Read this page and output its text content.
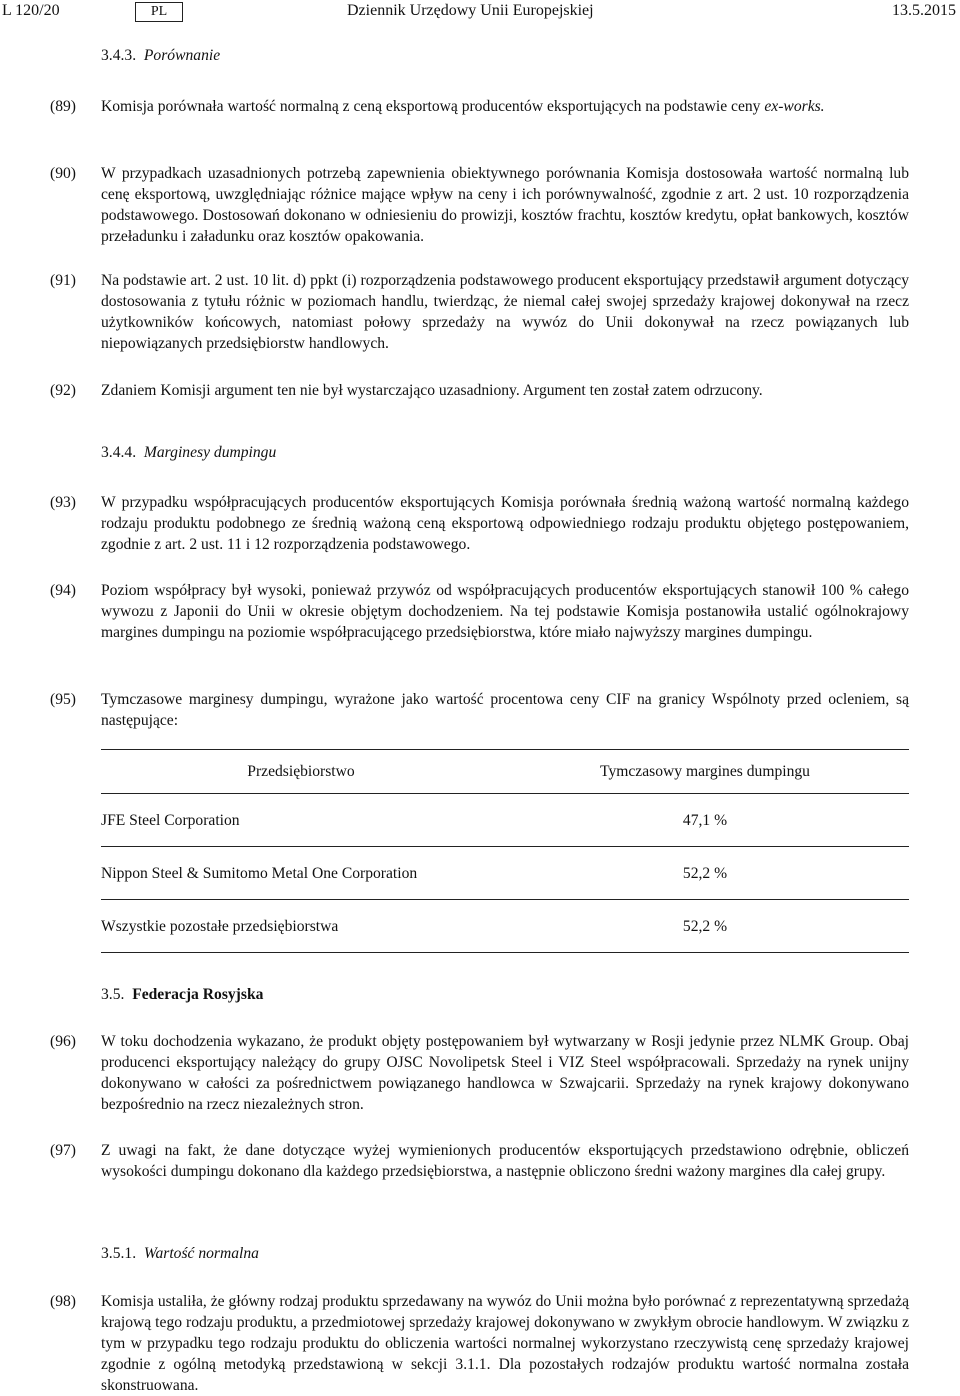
L 120/20	PL	Dziennik Urzędowy Unii Europejskiej	13.5.2015
3.4.3. Porównanie
(89) Komisja porównała wartość normalną z ceną eksportową producentów eksportujących na podstawie ceny ex-works.
(90) W przypadkach uzasadnionych potrzebą zapewnienia obiektywnego porównania Komisja dostosowała wartość normalną lub cenę eksportową, uwzględniając różnice mające wpływ na ceny i ich porównywalność, zgodnie z art. 2 ust. 10 rozporządzenia podstawowego. Dostosowań dokonano w odniesieniu do prowizji, kosztów frachtu, kosztów kredytu, opłat bankowych, kosztów przeładunku i załadunku oraz kosztów opakowania.
(91) Na podstawie art. 2 ust. 10 lit. d) ppkt (i) rozporządzenia podstawowego producent eksportujący przedstawił argument dotyczący dostosowania z tytułu różnic w poziomach handlu, twierdząc, że niemal całej swojej sprzedaży krajowej dokonywał na rzecz użytkowników końcowych, natomiast połowy sprzedaży na wywóz do Unii dokonywał na rzecz powiązanych lub niepowiązanych przedsiębiorstw handlowych.
(92) Zdaniem Komisji argument ten nie był wystarczająco uzasadniony. Argument ten został zatem odrzucony.
3.4.4. Marginesy dumpingu
(93) W przypadku współpracujących producentów eksportujących Komisja porównała średnią ważoną wartość normalną każdego rodzaju produktu podobnego ze średnią ważoną ceną eksportową odpowiedniego rodzaju produktu objętego postępowaniem, zgodnie z art. 2 ust. 11 i 12 rozporządzenia podstawowego.
(94) Poziom współpracy był wysoki, ponieważ przywóz od współpracujących producentów eksportujących stanowił 100 % całego wywozu z Japonii do Unii w okresie objętym dochodzeniem. Na tej podstawie Komisja postanowiła ustalić ogólnokrajowy margines dumpingu na poziomie współpracującego przedsiębiorstwa, które miało najwyższy margines dumpingu.
(95) Tymczasowe marginesy dumpingu, wyrażone jako wartość procentowa ceny CIF na granicy Wspólnoty przed ocleniem, są następujące:
Przedsiębiorstwo	Tymczasowy margines dumpingu
JFE Steel Corporation	47,1 %
Nippon Steel & Sumitomo Metal One Corporation	52,2 %
Wszystkie pozostałe przedsiębiorstwa	52,2 %
3.5. Federacja Rosyjska
(96) W toku dochodzenia wykazano, że produkt objęty postępowaniem był wytwarzany w Rosji jedynie przez NLMK Group. Obaj producenci eksportujący należący do grupy OJSC Novolipetsk Steel i VIZ Steel współpracowali. Sprzedaży na rynek unijny dokonywano w całości za pośrednictwem powiązanego handlowca w Szwajcarii. Sprzedaży na rynek krajowy dokonywano bezpośrednio na rzecz niezależnych stron.
(97) Z uwagi na fakt, że dane dotyczące wyżej wymienionych producentów eksportujących przedstawiono odrębnie, obliczeń wysokości dumpingu dokonano dla każdego przedsiębiorstwa, a następnie obliczono średni ważony margines dla całej grupy.
3.5.1. Wartość normalna
(98) Komisja ustaliła, że główny rodzaj produktu sprzedawany na wywóz do Unii można było porównać z reprezentatywną sprzedażą krajową tego rodzaju produktu, a przedmiotowej sprzedaży krajowej dokonywano w zwykłym obrocie handlowym. W związku z tym w przypadku tego rodzaju produktu do obliczenia wartości normalnej wykorzystano rzeczywistą cenę sprzedaży krajowej zgodnie z ogólną metodyką przedstawioną w sekcji 3.1.1. Dla pozostałych rodzajów produktu wartość normalna została skonstruowana.
